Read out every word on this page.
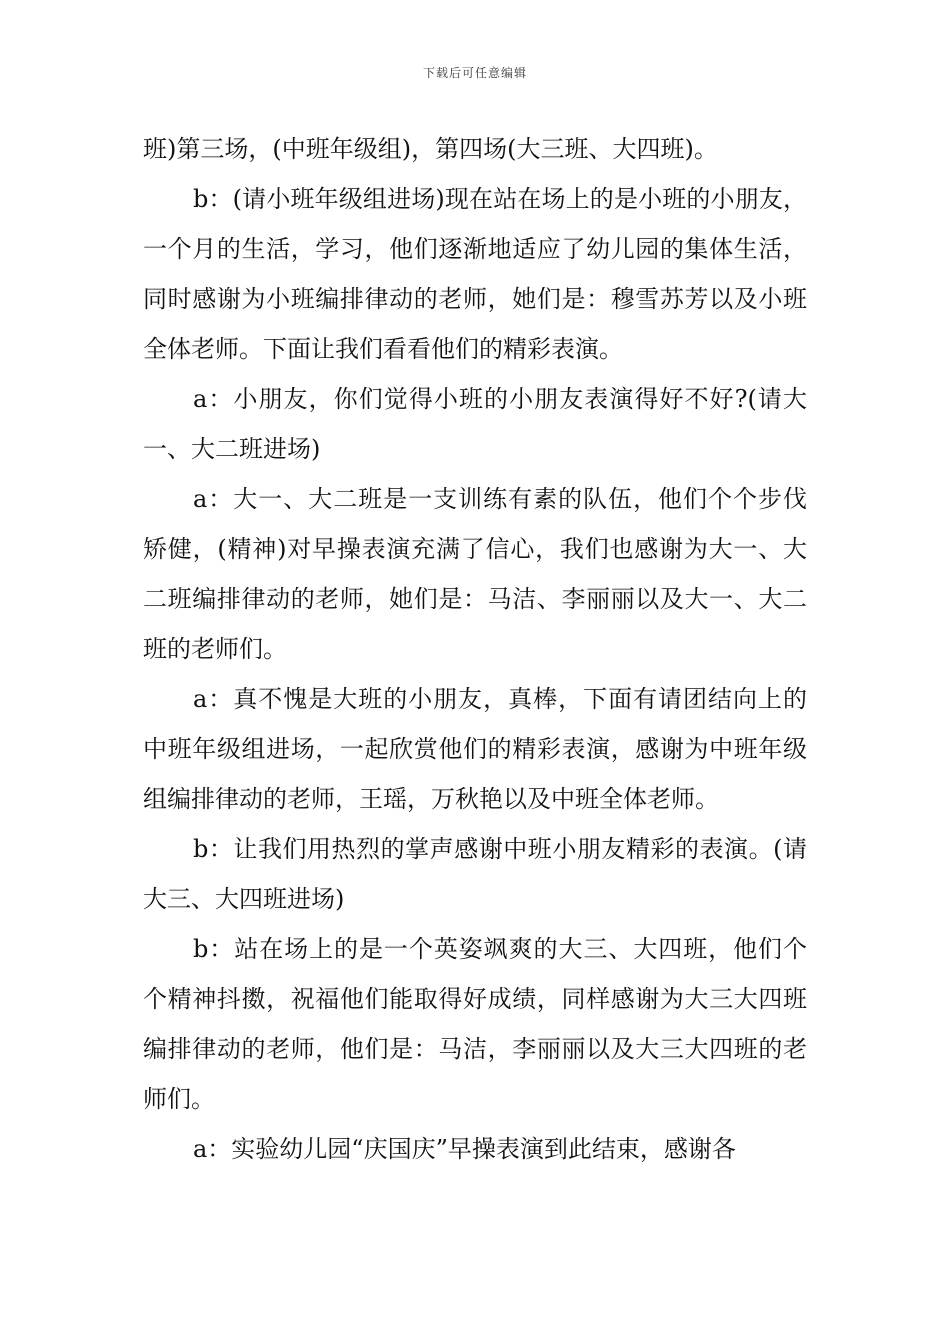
下载后可任意编辑

班)第三场，(中班年级组)，第四场(大三班、大四班)。

b：(请小班年级组进场)现在站在场上的是小班的小朋友，一个月的生活，学习，他们逐渐地适应了幼儿园的集体生活，同时感谢为小班编排律动的老师，她们是：穆雪苏芳以及小班全体老师。下面让我们看看他们的精彩表演。

a：小朋友，你们觉得小班的小朋友表演得好不好?(请大一、大二班进场)

a：大一、大二班是一支训练有素的队伍，他们个个步伐矫健，(精神)对早操表演充满了信心，我们也感谢为大一、大二班编排律动的老师，她们是：马洁、李丽丽以及大一、大二班的老师们。

a：真不愧是大班的小朋友，真棒，下面有请团结向上的中班年级组进场，一起欣赏他们的精彩表演，感谢为中班年级组编排律动的老师，王瑶，万秋艳以及中班全体老师。

b：让我们用热烈的掌声感谢中班小朋友精彩的表演。(请大三、大四班进场)

b：站在场上的是一个英姿飒爽的大三、大四班，他们个个精神抖擞，祝福他们能取得好成绩，同样感谢为大三大四班编排律动的老师，他们是：马洁，李丽丽以及大三大四班的老师们。

a：实验幼儿园“庆国庆”早操表演到此结束，感谢各
